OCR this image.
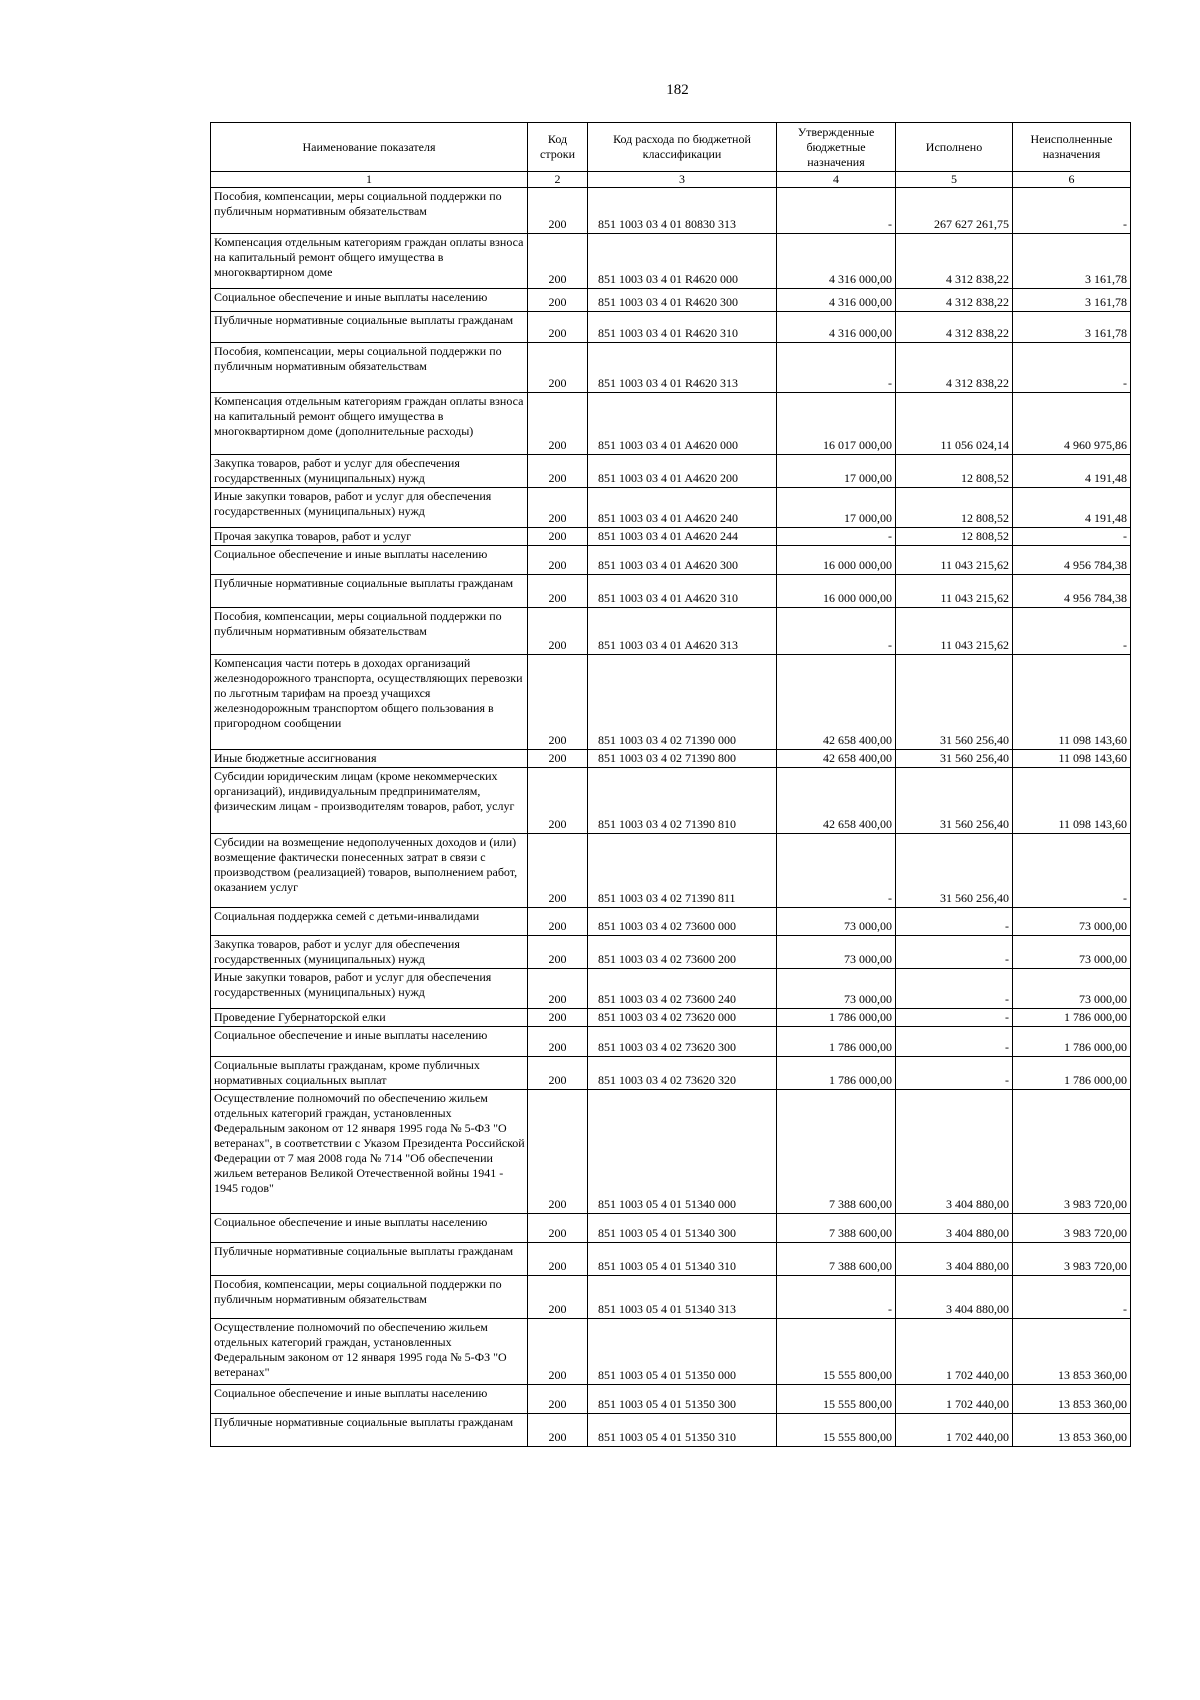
182
Наименование показателя	Код строки	Код расхода по бюджетной классификации	Утвержденные бюджетные назначения	Исполнено	Неисполненные назначения
1	2	3	4	5	6
Пособия, компенсации, меры социальной поддержки по публичным нормативным обязательствам	200	851 1003 03 4 01 80830 313	-	267 627 261,75	-
Компенсация отдельным категориям граждан оплаты взноса на капитальный ремонт общего имущества в многоквартирном доме	200	851 1003 03 4 01 R4620 000	4 316 000,00	4 312 838,22	3 161,78
Социальное обеспечение и иные выплаты населению	200	851 1003 03 4 01 R4620 300	4 316 000,00	4 312 838,22	3 161,78
Публичные нормативные социальные выплаты гражданам	200	851 1003 03 4 01 R4620 310	4 316 000,00	4 312 838,22	3 161,78
Пособия, компенсации, меры социальной поддержки по публичным нормативным обязательствам	200	851 1003 03 4 01 R4620 313	-	4 312 838,22	-
Компенсация отдельным категориям граждан оплаты взноса на капитальный ремонт общего имущества в многоквартирном доме (дополнительные расходы)	200	851 1003 03 4 01 A4620 000	16 017 000,00	11 056 024,14	4 960 975,86
Закупка товаров, работ и услуг для обеспечения государственных (муниципальных) нужд	200	851 1003 03 4 01 A4620 200	17 000,00	12 808,52	4 191,48
Иные закупки товаров, работ и услуг для обеспечения государственных (муниципальных) нужд	200	851 1003 03 4 01 A4620 240	17 000,00	12 808,52	4 191,48
Прочая закупка товаров, работ и услуг	200	851 1003 03 4 01 A4620 244	-	12 808,52	-
Социальное обеспечение и иные выплаты населению	200	851 1003 03 4 01 A4620 300	16 000 000,00	11 043 215,62	4 956 784,38
Публичные нормативные социальные выплаты гражданам	200	851 1003 03 4 01 A4620 310	16 000 000,00	11 043 215,62	4 956 784,38
Пособия, компенсации, меры социальной поддержки по публичным нормативным обязательствам	200	851 1003 03 4 01 A4620 313	-	11 043 215,62	-
Компенсация части потерь в доходах организаций железнодорожного транспорта, осуществляющих перевозки по льготным тарифам на проезд учащихся железнодорожным транспортом общего пользования в пригородном сообщении	200	851 1003 03 4 02 71390 000	42 658 400,00	31 560 256,40	11 098 143,60
Иные бюджетные ассигнования	200	851 1003 03 4 02 71390 800	42 658 400,00	31 560 256,40	11 098 143,60
Субсидии юридическим лицам (кроме некоммерческих организаций), индивидуальным предпринимателям, физическим лицам - производителям товаров, работ, услуг	200	851 1003 03 4 02 71390 810	42 658 400,00	31 560 256,40	11 098 143,60
Субсидии на возмещение недополученных доходов и (или) возмещение фактически понесенных затрат в связи с производством (реализацией) товаров, выполнением работ, оказанием услуг	200	851 1003 03 4 02 71390 811	-	31 560 256,40	-
Социальная поддержка семей с детьми-инвалидами	200	851 1003 03 4 02 73600 000	73 000,00	-	73 000,00
Закупка товаров, работ и услуг для обеспечения государственных (муниципальных) нужд	200	851 1003 03 4 02 73600 200	73 000,00	-	73 000,00
Иные закупки товаров, работ и услуг для обеспечения государственных (муниципальных) нужд	200	851 1003 03 4 02 73600 240	73 000,00	-	73 000,00
Проведение Губернаторской елки	200	851 1003 03 4 02 73620 000	1 786 000,00	-	1 786 000,00
Социальное обеспечение и иные выплаты населению	200	851 1003 03 4 02 73620 300	1 786 000,00	-	1 786 000,00
Социальные выплаты гражданам, кроме публичных нормативных социальных выплат	200	851 1003 03 4 02 73620 320	1 786 000,00	-	1 786 000,00
Осуществление полномочий по обеспечению жильем отдельных категорий граждан, установленных Федеральным законом от 12 января 1995 года № 5-ФЗ "О ветеранах", в соответствии с Указом Президента Российской Федерации от 7 мая 2008 года № 714 "Об обеспечении жильем ветеранов Великой Отечественной войны 1941 - 1945 годов"	200	851 1003 05 4 01 51340 000	7 388 600,00	3 404 880,00	3 983 720,00
Социальное обеспечение и иные выплаты населению	200	851 1003 05 4 01 51340 300	7 388 600,00	3 404 880,00	3 983 720,00
Публичные нормативные социальные выплаты гражданам	200	851 1003 05 4 01 51340 310	7 388 600,00	3 404 880,00	3 983 720,00
Пособия, компенсации, меры социальной поддержки по публичным нормативным обязательствам	200	851 1003 05 4 01 51340 313	-	3 404 880,00	-
Осуществление полномочий по обеспечению жильем отдельных категорий граждан, установленных Федеральным законом от 12 января 1995 года № 5-ФЗ "О ветеранах"	200	851 1003 05 4 01 51350 000	15 555 800,00	1 702 440,00	13 853 360,00
Социальное обеспечение и иные выплаты населению	200	851 1003 05 4 01 51350 300	15 555 800,00	1 702 440,00	13 853 360,00
Публичные нормативные социальные выплаты гражданам	200	851 1003 05 4 01 51350 310	15 555 800,00	1 702 440,00	13 853 360,00
